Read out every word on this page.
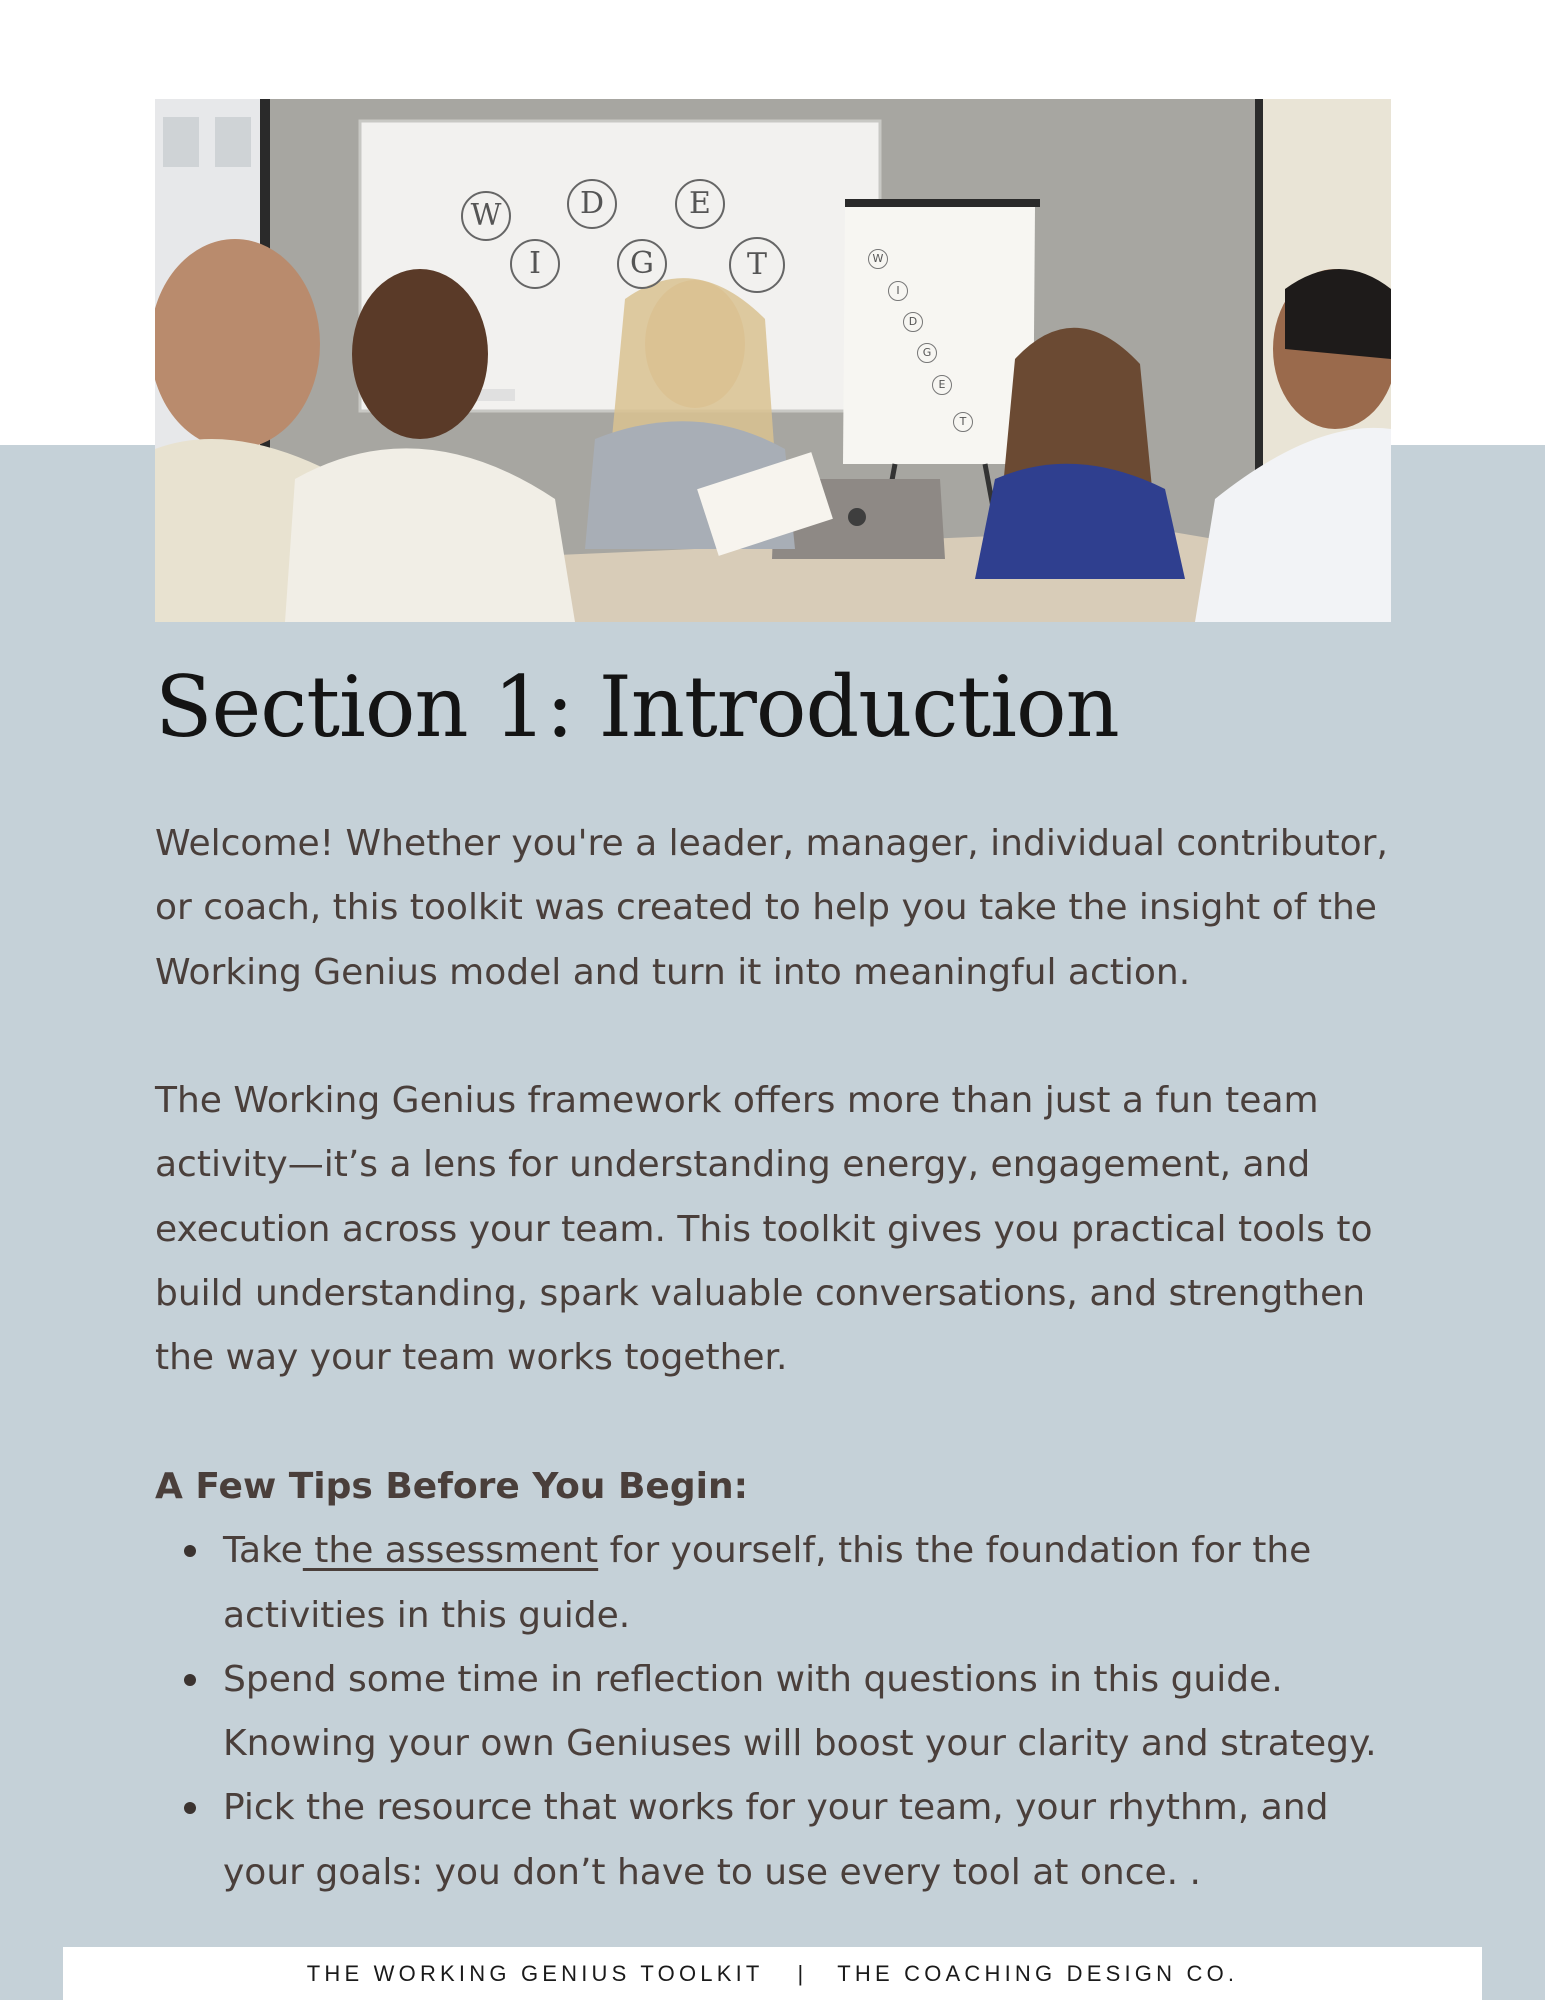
W	D	E
I	G	T	W
I
D
G
E
T
Section 1: Introduction

Welcome! Whether you're a leader, manager, individual contributor, or coach, this toolkit was created to help you take the insight of the Working Genius model and turn it into meaningful action.

The Working Genius framework offers more than just a fun team activity—it’s a lens for understanding energy, engagement, and execution across your team. This toolkit gives you practical tools to build understanding, spark valuable conversations, and strengthen the way your team works together.

A Few Tips Before You Begin:

Take the assessment for yourself, this the foundation for the activities in this guide.
Spend some time in reflection with questions in this guide. Knowing your own Geniuses will boost your clarity and strategy.
Pick the resource that works for your team, your rhythm, and your goals: you don’t have to use every tool at once. .
THE WORKING GENIUS TOOLKIT | THE COACHING DESIGN CO.
